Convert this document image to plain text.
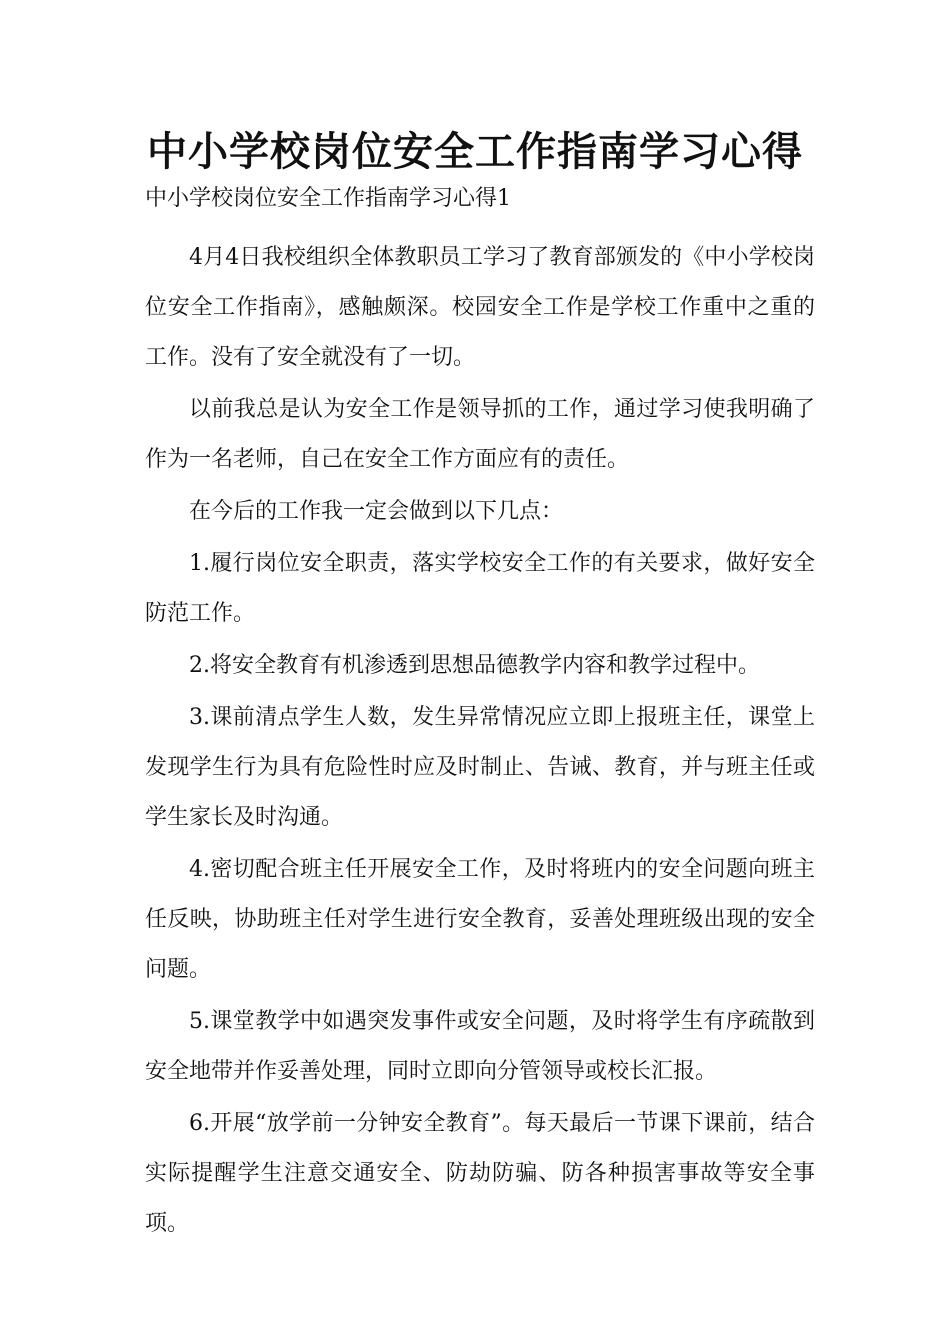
中小学校岗位安全工作指南学习心得

中小学校岗位安全工作指南学习心得1

4月4日我校组织全体教职员工学习了教育部颁发的《中小学校岗位安全工作指南》，感触颇深。校园安全工作是学校工作重中之重的工作。没有了安全就没有了一切。

以前我总是认为安全工作是领导抓的工作，通过学习使我明确了作为一名老师，自己在安全工作方面应有的责任。

在今后的工作我一定会做到以下几点：

1.履行岗位安全职责，落实学校安全工作的有关要求，做好安全防范工作。

2.将安全教育有机渗透到思想品德教学内容和教学过程中。

3.课前清点学生人数，发生异常情况应立即上报班主任，课堂上发现学生行为具有危险性时应及时制止、告诫、教育，并与班主任或学生家长及时沟通。

4.密切配合班主任开展安全工作，及时将班内的安全问题向班主任反映，协助班主任对学生进行安全教育，妥善处理班级出现的安全问题。

5.课堂教学中如遇突发事件或安全问题，及时将学生有序疏散到安全地带并作妥善处理，同时立即向分管领导或校长汇报。

6.开展“放学前一分钟安全教育”。每天最后一节课下课前，结合实际提醒学生注意交通安全、防劫防骗、防各种损害事故等安全事项。
